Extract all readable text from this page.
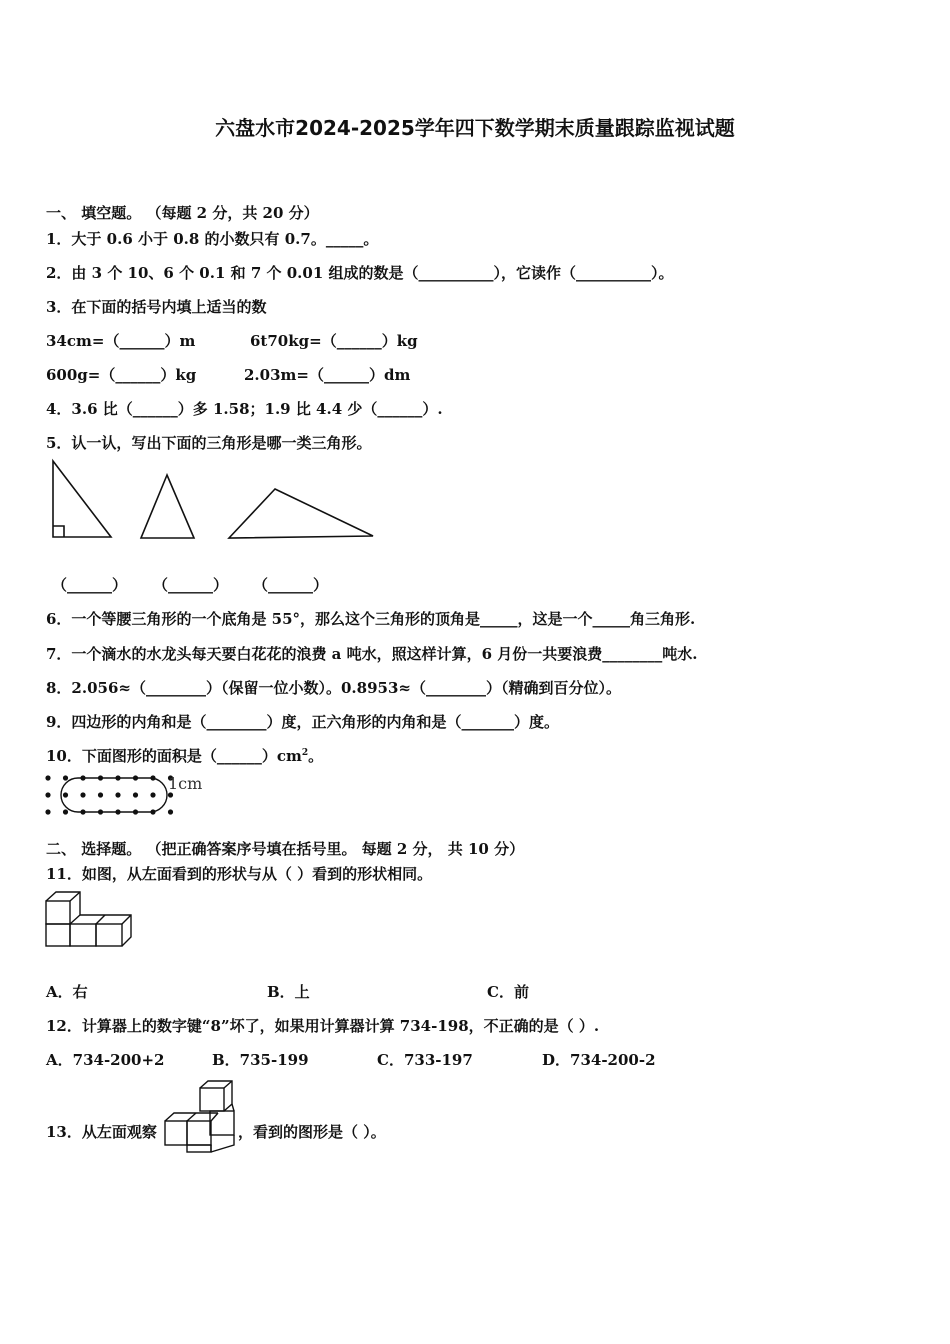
六盘水市2024-2025学年四下数学期末质量跟踪监视试题
一、 填空题。 （每题 2 分，共 20 分）
1．大于 0.6 小于 0.8 的小数只有 0.7。_____。
2．由 3 个 10、6 个 0.1 和 7 个 0.01 组成的数是（__________），它读作（__________）。
3．在下面的括号内填上适当的数
34cm=（______）m	6t70kg=（______）kg
600g=（______）kg	2.03m=（______）dm
4．3.6 比（______）多 1.58；1.9 比 4.4 少（______）.
5．认一认，写出下面的三角形是哪一类三角形。
（______） （______） （______）
6．一个等腰三角形的一个底角是 55°，那么这个三角形的顶角是_____，这是一个_____角三角形.
7．一个滴水的水龙头每天要白花花的浪费 a 吨水，照这样计算，6 月份一共要浪费________吨水.
8．2.056≈（________）（保留一位小数）。0.8953≈（________）（精确到百分位）。
9．四边形的内角和是（________）度，正六角形的内角和是（_______）度。
10．下面图形的面积是$(\_\_\_\_\_\_)cm^2$。
1cm
二、 选择题。 （把正确答案序号填在括号里。 每题 2 分， 共 10 分）
11．如图，从左面看到的形状与从（ ）看到的形状相同。
A．右	B．上	C．前
12．计算器上的数字键“8”坏了，如果用计算器计算 734-198，不正确的是（ ）.
A．734-200+2	B．735-199	C．733-197	D．734-200-2
13．从左面观察	，看到的图形是（ ）。
